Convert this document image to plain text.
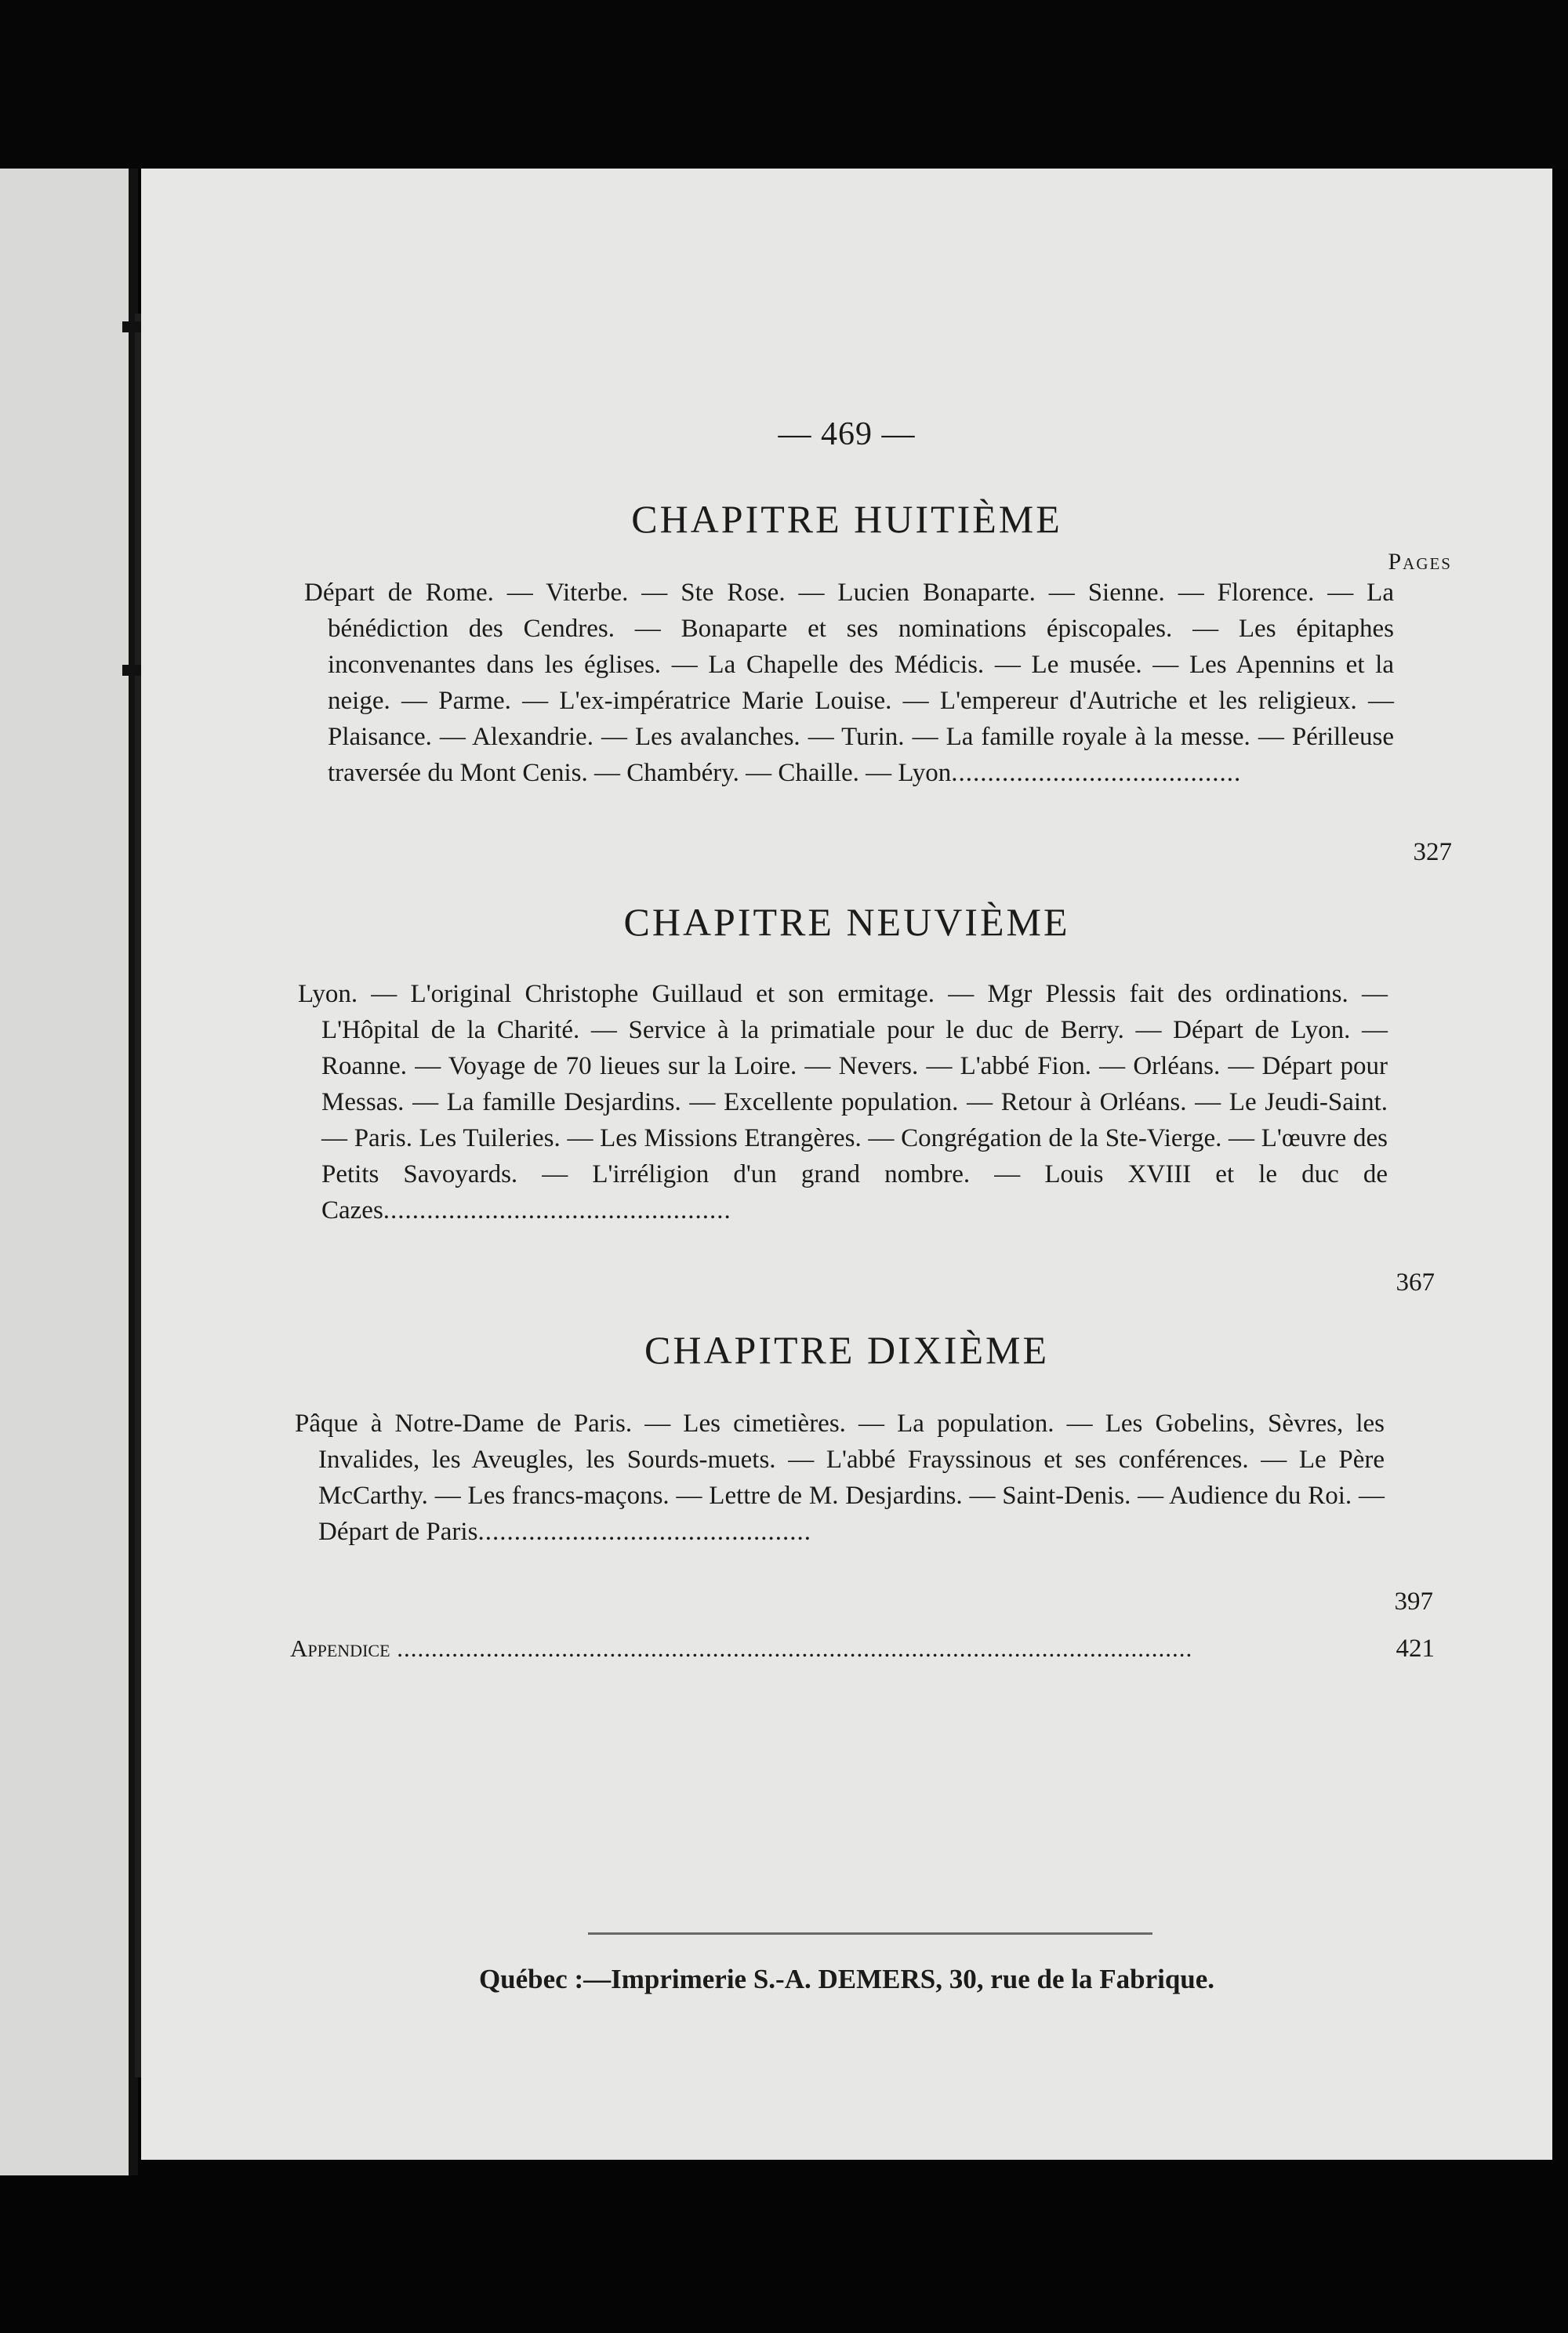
— 469 —
CHAPITRE HUITIÈME
Pages
Départ de Rome. — Viterbe. — Ste Rose. — Lucien Bonaparte. — Sienne. — Florence. — La bénédiction des Cendres. — Bonaparte et ses nominations épiscopales. — Les épitaphes inconvenantes dans les églises. — La Chapelle des Médicis. — Le musée. — Les Apennins et la neige. — Parme. — L'ex-impératrice Marie Louise. — L'empereur d'Autriche et les religieux. — Plaisance. — Alexandrie. — Les avalanches. — Turin. — La famille royale à la messe. — Périlleuse traversée du Mont Cenis. — Chambéry. — Chaille. — Lyon........................................
327
CHAPITRE NEUVIÈME
Lyon. — L'original Christophe Guillaud et son ermitage. — Mgr Plessis fait des ordinations. — L'Hôpital de la Charité. — Service à la primatiale pour le duc de Berry. — Départ de Lyon. — Roanne. — Voyage de 70 lieues sur la Loire. — Nevers. — L'abbé Fion. — Orléans. — Départ pour Messas. — La famille Desjardins. — Excellente population. — Retour à Orléans. — Le Jeudi-Saint. — Paris. Les Tuileries. — Les Missions Etrangères. — Congrégation de la Ste-Vierge. — L'œuvre des Petits Savoyards. — L'irréligion d'un grand nombre. — Louis XVIII et le duc de Cazes................................................
367
CHAPITRE DIXIÈME
Pâque à Notre-Dame de Paris. — Les cimetières. — La population. — Les Gobelins, Sèvres, les Invalides, les Aveugles, les Sourds-muets. — L'abbé Frayssinous et ses conférences. — Le Père McCarthy. — Les francs-maçons. — Lettre de M. Desjardins. — Saint-Denis. — Audience du Roi. — Départ de Paris..............................................
397
Appendice ....................................................................................................................	421
Québec :—Imprimerie S.-A. DEMERS, 30, rue de la Fabrique.
